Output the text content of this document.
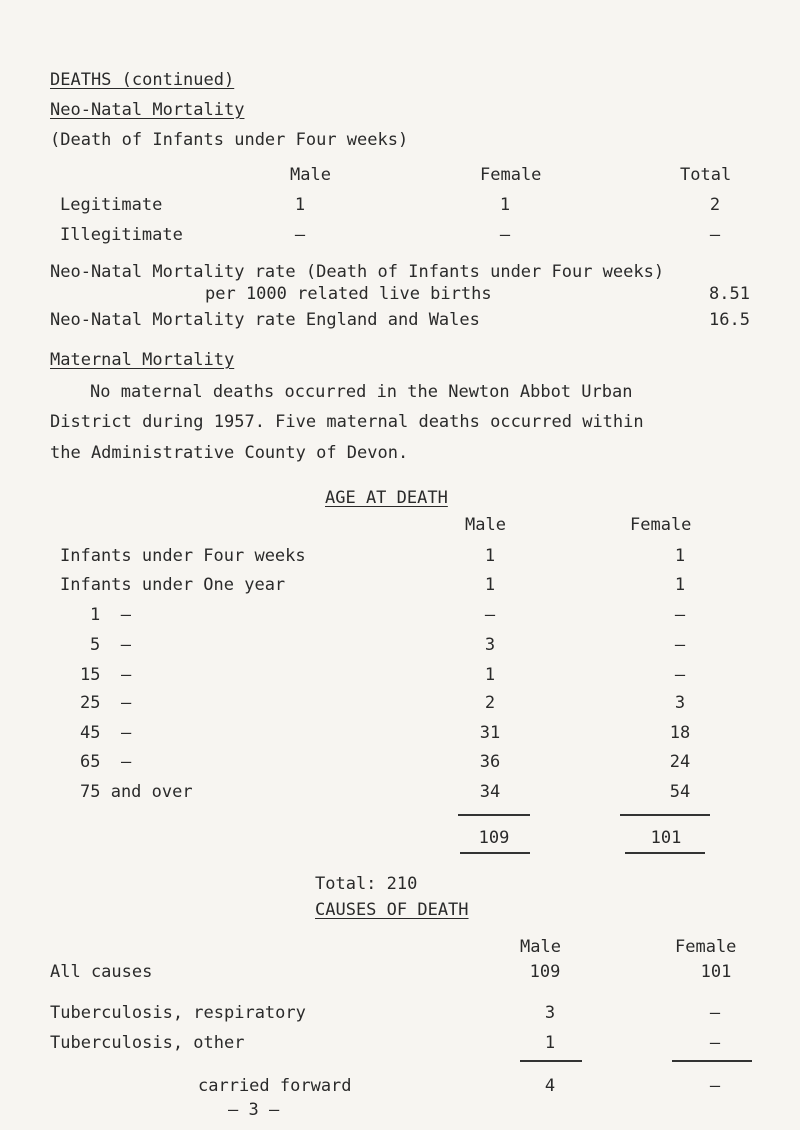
DEATHS (continued)
Neo-Natal Mortality
(Death of Infants under Four weeks)
Male	Female	Total
Legitimate	1	1	2
Illegitimate	–	–	–
Neo-Natal Mortality rate (Death of Infants under Four weeks)
per 1000 related live births	8.51
Neo-Natal Mortality rate England and Wales	16.5
Maternal Mortality
No maternal deaths occurred in the Newton Abbot Urban
District during 1957. Five maternal deaths occurred within
the Administrative County of Devon.
AGE AT DEATH
Male	Female
Infants under Four weeks	1	1
Infants under One year	1	1
1  –	–	–
5  –	3	–
15  –	1	–
25  –	2	3
45  –	31	18
65  –	36	24
75 and over	34	54
109	101
Total: 210
CAUSES OF DEATH
Male	Female
All causes	109	101
Tuberculosis, respiratory	3	–
Tuberculosis, other	1	–
carried forward	4	–
– 3 –
